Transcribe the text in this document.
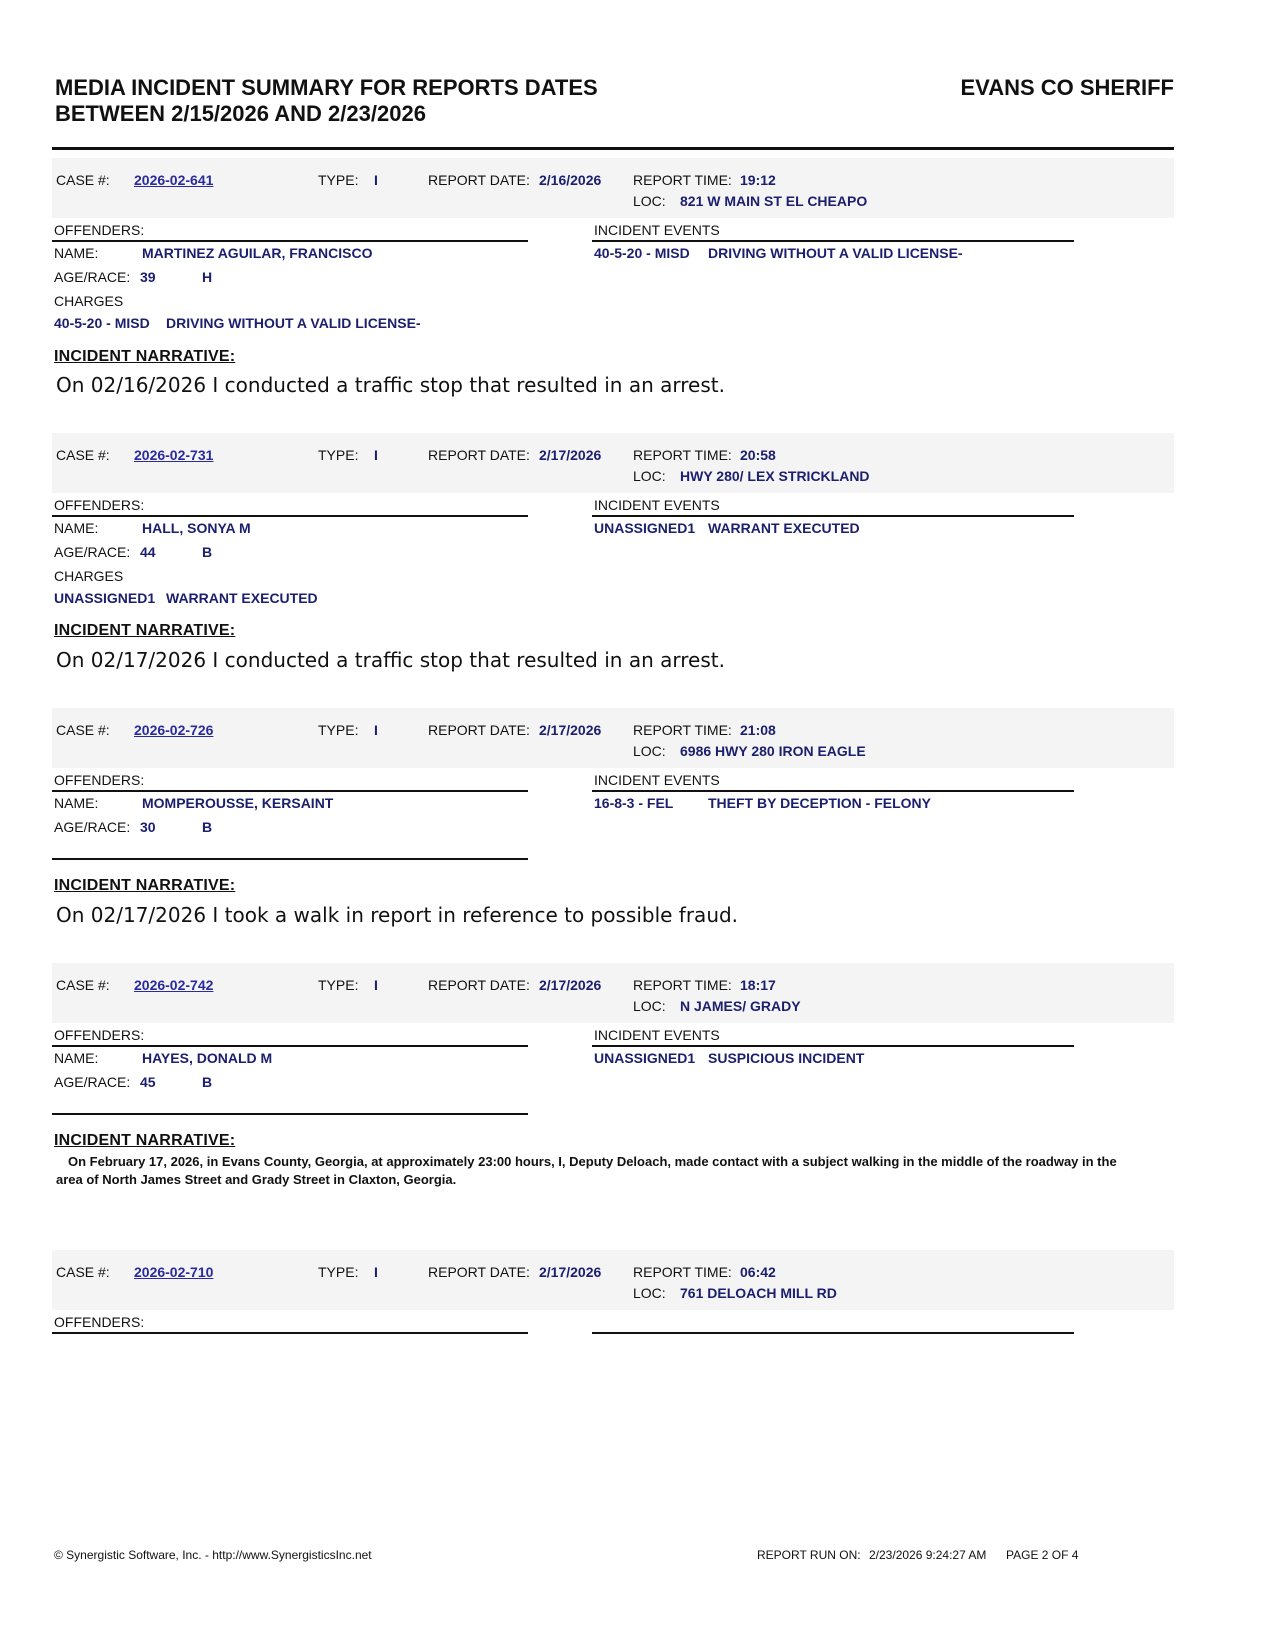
MEDIA INCIDENT SUMMARY FOR REPORTS DATES
BETWEEN 2/15/2026 AND 2/23/2026
EVANS CO SHERIFF
CASE #: 2026-02-641	TYPE: I	REPORT DATE: 2/16/2026 REPORT TIME: 19:12
LOC: 821 W MAIN ST EL CHEAPO
OFFENDERS:
NAME:	MARTINEZ AGUILAR, FRANCISCO
AGE/RACE: 39	H
CHARGES
40-5-20 - MISD DRIVING WITHOUT A VALID LICENSE-
INCIDENT EVENTS
40-5-20 - MISD DRIVING WITHOUT A VALID LICENSE-
INCIDENT NARRATIVE:
On 02/16/2026 I conducted a traffic stop that resulted in an arrest.
CASE #: 2026-02-731	TYPE: I	REPORT DATE: 2/17/2026 REPORT TIME: 20:58
LOC: HWY 280/ LEX STRICKLAND
OFFENDERS:
NAME:	HALL, SONYA M
AGE/RACE: 44	B
CHARGES
UNASSIGNED1 WARRANT EXECUTED
INCIDENT EVENTS
UNASSIGNED1 WARRANT EXECUTED
INCIDENT NARRATIVE:
On 02/17/2026 I conducted a traffic stop that resulted in an arrest.
CASE #: 2026-02-726	TYPE: I	REPORT DATE: 2/17/2026 REPORT TIME: 21:08
LOC: 6986 HWY 280 IRON EAGLE
OFFENDERS:
NAME:	MOMPEROUSSE, KERSAINT
AGE/RACE: 30	B
INCIDENT EVENTS
16-8-3 - FEL THEFT BY DECEPTION - FELONY
INCIDENT NARRATIVE:
On 02/17/2026 I took a walk in report in reference to possible fraud.
CASE #: 2026-02-742	TYPE: I	REPORT DATE: 2/17/2026 REPORT TIME: 18:17
LOC: N JAMES/ GRADY
OFFENDERS:
NAME:	HAYES, DONALD M
AGE/RACE: 45	B
INCIDENT EVENTS
UNASSIGNED1 SUSPICIOUS INCIDENT
INCIDENT NARRATIVE:
On February 17, 2026, in Evans County, Georgia, at approximately 23:00 hours, I, Deputy Deloach, made contact with a subject walking in the middle of the roadway in the area of North James Street and Grady Street in Claxton, Georgia.
CASE #: 2026-02-710	TYPE: I	REPORT DATE: 2/17/2026 REPORT TIME: 06:42
LOC: 761 DELOACH MILL RD
OFFENDERS:
© Synergistic Software, Inc. - http://www.SynergisticsInc.net	REPORT RUN ON: 2/23/2026 9:24:27 AM PAGE 2 OF 4
